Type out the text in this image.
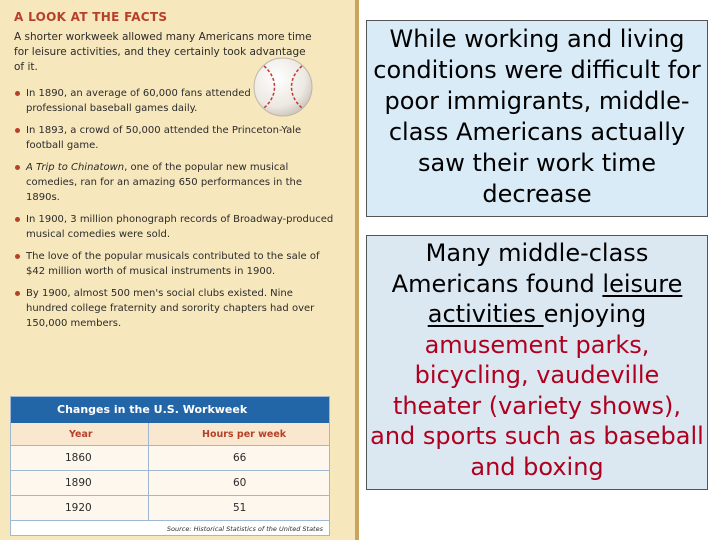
A LOOK AT THE FACTS
A shorter workweek allowed many Americans more time for leisure activities, and they certainly took advantage of it.
In 1890, an average of 60,000 fans attended professional baseball games daily.
In 1893, a crowd of 50,000 attended the Princeton-Yale football game.
A Trip to Chinatown, one of the popular new musical comedies, ran for an amazing 650 performances in the 1890s.
In 1900, 3 million phonograph records of Broadway-produced musical comedies were sold.
The love of the popular musicals contributed to the sale of $42 million worth of musical instruments in 1900.
By 1900, almost 500 men's social clubs existed. Nine hundred college fraternity and sorority chapters had over 150,000 members.
Changes in the U.S. Workweek
Year	Hours per week
1860	66
1890	60
1920	51
Source: Historical Statistics of the United States
While working and living conditions were difficult for poor immigrants, middle-class Americans actually saw their work time decrease
Many middle-class Americans found leisure activities enjoying amusement parks, bicycling, vaudeville theater (variety shows), and sports such as baseball and boxing
